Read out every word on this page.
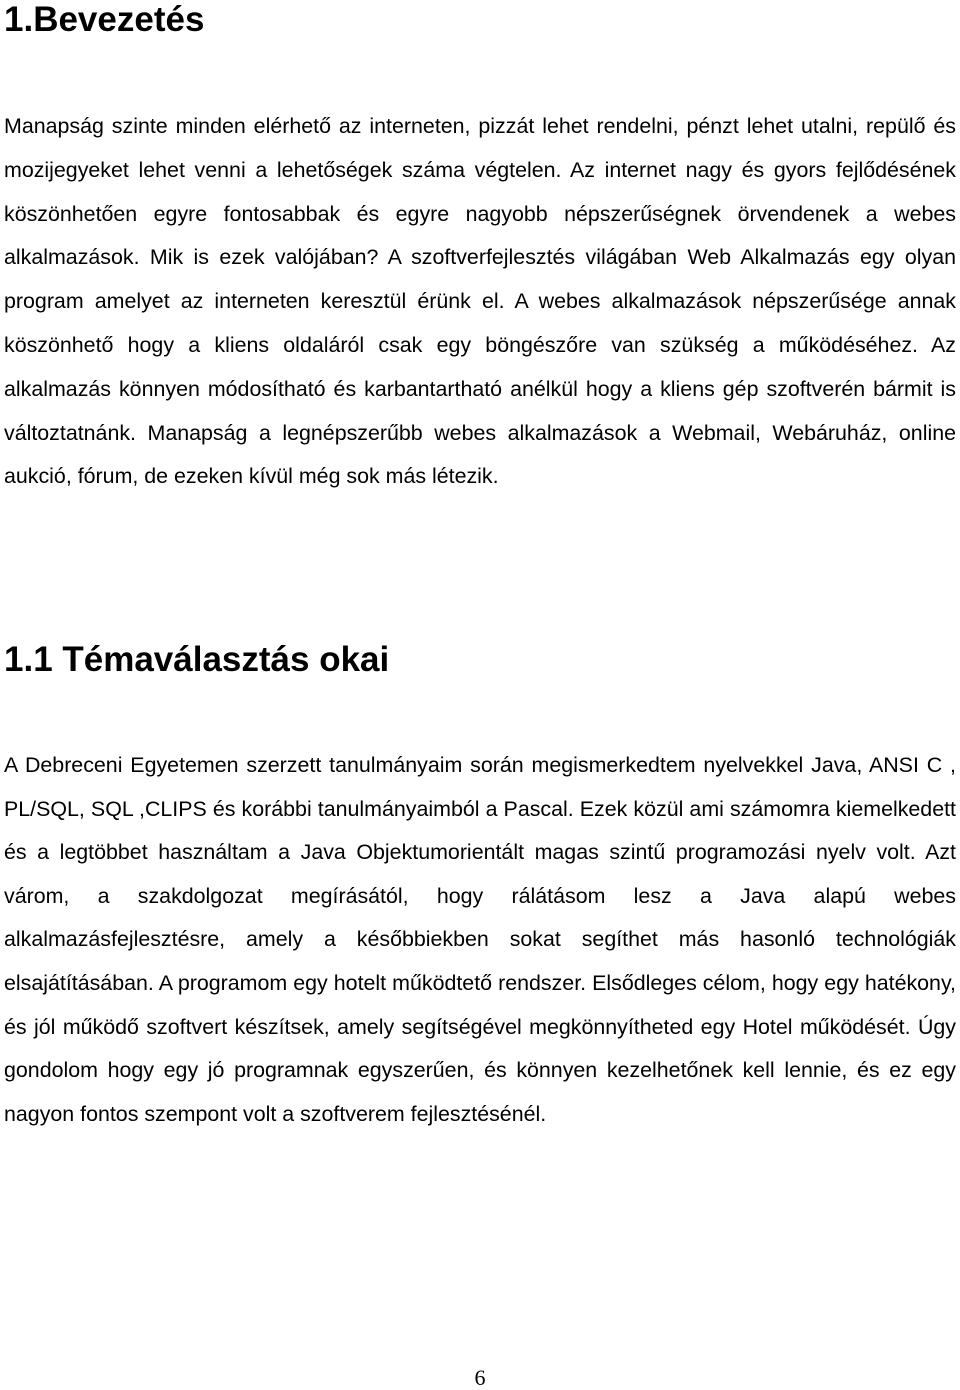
1.Bevezetés

Manapság szinte minden elérhető az interneten, pizzát lehet rendelni, pénzt lehet utalni, repülő és mozijegyeket lehet venni a lehetőségek száma végtelen. Az internet nagy és gyors fejlődésének köszönhetően egyre fontosabbak és egyre nagyobb népszerűségnek örvendenek a webes alkalmazások. Mik is ezek valójában? A szoftverfejlesztés világában Web Alkalmazás egy olyan program amelyet az interneten keresztül érünk el. A webes alkalmazások népszerűsége annak köszönhető hogy a kliens oldaláról csak egy böngészőre van szükség a működéséhez. Az alkalmazás könnyen módosítható és karbantartható anélkül hogy a kliens gép szoftverén bármit is változtatnánk. Manapság a legnépszerűbb webes alkalmazások a Webmail, Webáruház, online aukció, fórum, de ezeken kívül még sok más létezik.

1.1 Témaválasztás okai

A Debreceni Egyetemen szerzett tanulmányaim során megismerkedtem nyelvekkel Java, ANSI C , PL/SQL, SQL ,CLIPS és korábbi tanulmányaimból a Pascal. Ezek közül ami számomra kiemelkedett és a legtöbbet használtam a Java Objektumorientált magas szintű programozási nyelv volt. Azt várom, a szakdolgozat megírásától, hogy rálátásom lesz a Java alapú webes alkalmazásfejlesztésre, amely a későbbiekben sokat segíthet más hasonló technológiák elsajátításában. A programom egy hotelt működtető rendszer. Elsődleges célom, hogy egy hatékony, és jól működő szoftvert készítsek, amely segítségével megkönnyítheted egy Hotel működését. Úgy gondolom hogy egy jó programnak egyszerűen, és könnyen kezelhetőnek kell lennie, és ez egy nagyon fontos szempont volt a szoftverem fejlesztésénél.

6
